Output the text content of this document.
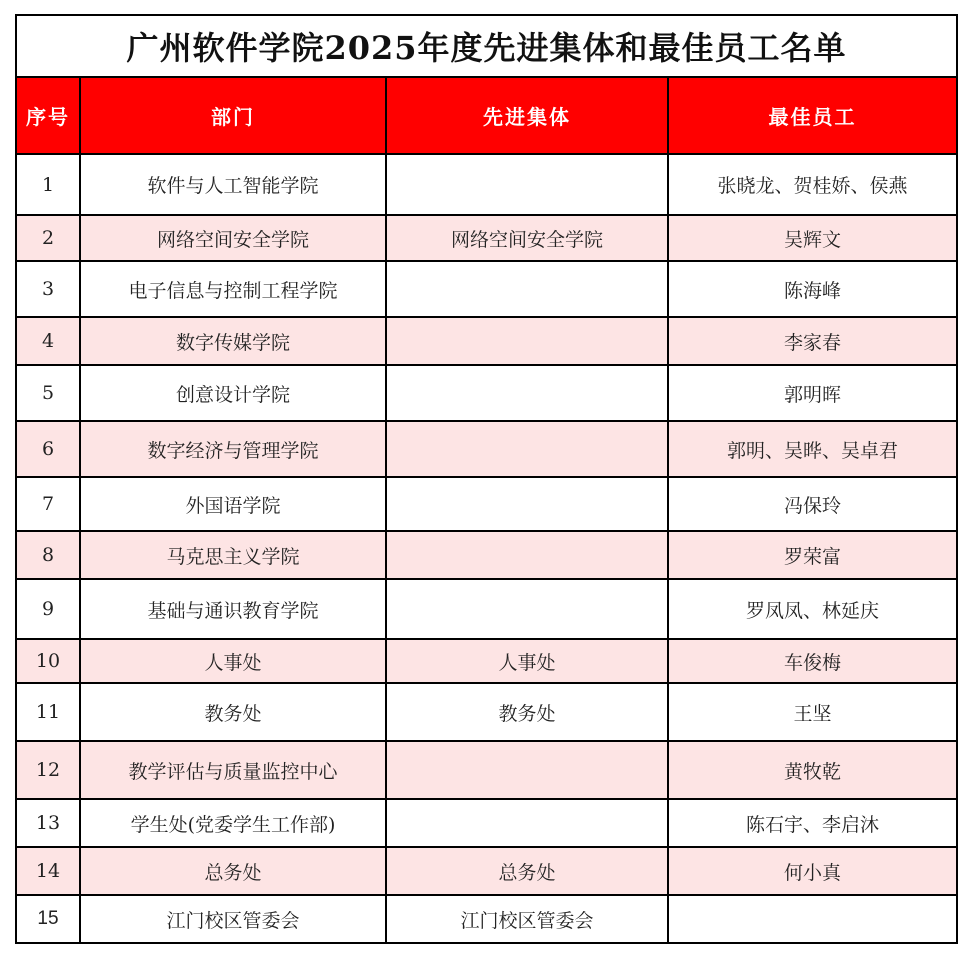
广州软件学院2025年度先进集体和最佳员工名单			
序号	部门	先进集体	最佳员工
1	软件与人工智能学院		张晓龙、贺桂娇、侯燕
2	网络空间安全学院	网络空间安全学院	吴辉文
3	电子信息与控制工程学院		陈海峰
4	数字传媒学院		李家春
5	创意设计学院		郭明晖
6	数字经济与管理学院		郭明、吴晔、吴卓君
7	外国语学院		冯保玲
8	马克思主义学院		罗荣富
9	基础与通识教育学院		罗凤凤、林延庆
10	人事处	人事处	车俊梅
11	教务处	教务处	王坚
12	教学评估与质量监控中心		黄牧乾
13	学生处(党委学生工作部)		陈石宇、李启沐
14	总务处	总务处	何小真
15	江门校区管委会	江门校区管委会	
